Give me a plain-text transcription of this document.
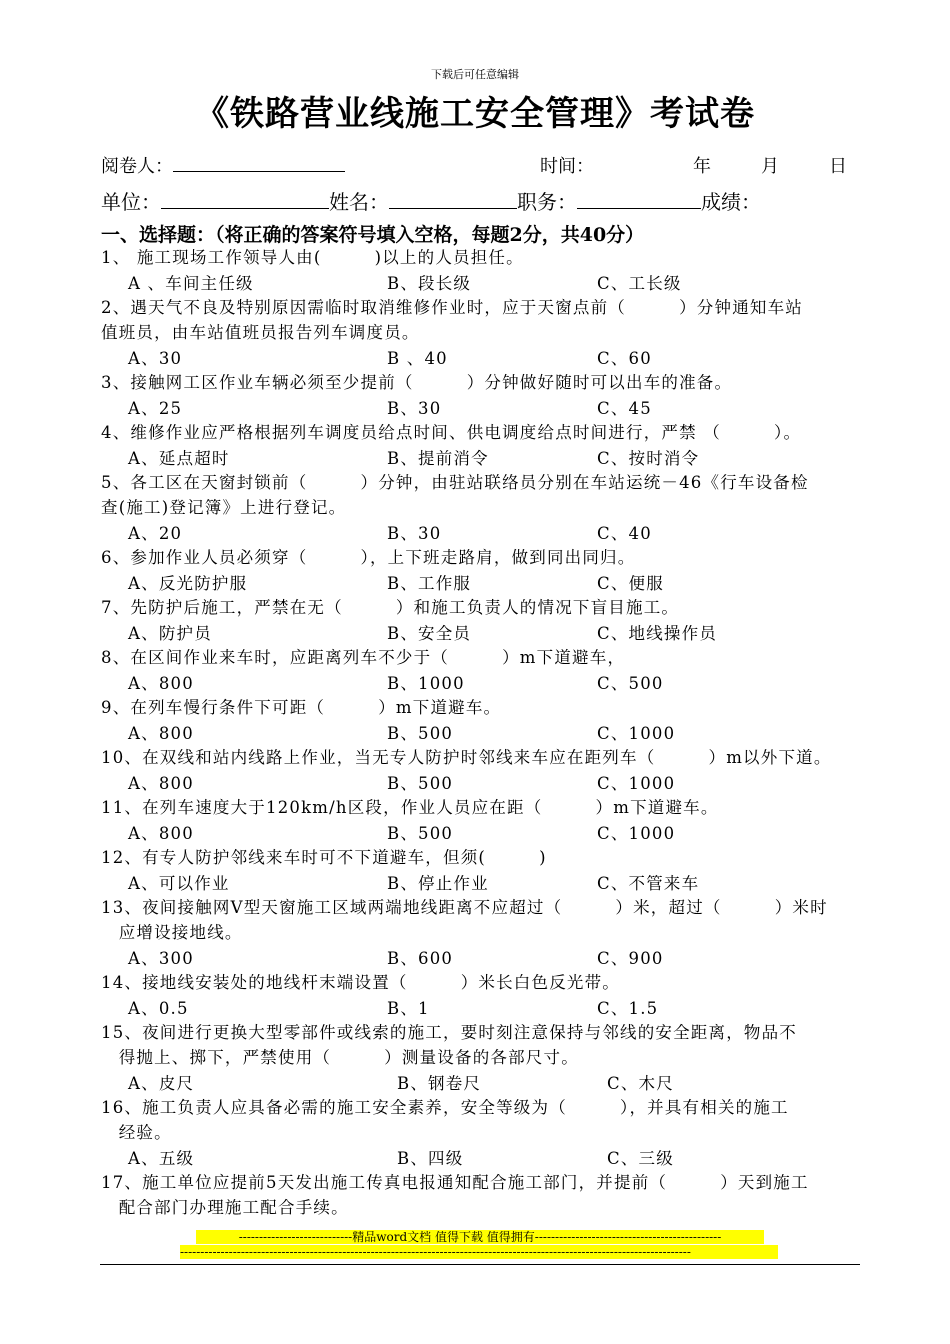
下载后可任意编辑
《铁路营业线施工安全管理》考试卷
阅卷人：	时间：	年	月	日
单位：	姓名：	职务：	成绩：
一、选择题：（将正确的答案符号填入空格，每题2分，共40分）
1、 施工现场工作领导人由(　　　)以上的人员担任。
A 、车间主任级	B、段长级	C、工长级
2、遇天气不良及特别原因需临时取消维修作业时，应于天窗点前（　　　）分钟通知车站
值班员，由车站值班员报告列车调度员。
A、30	B 、40	C、60
3、接触网工区作业车辆必须至少提前（　　　）分钟做好随时可以出车的准备。
A、25	B、30	C、45
4、维修作业应严格根据列车调度员给点时间、供电调度给点时间进行，严禁 （　　　）。
A、延点超时	B、提前消令	C、按时消令
5、各工区在天窗封锁前（　　　）分钟，由驻站联络员分别在车站运统－46《行车设备检
查(施工)登记簿》上进行登记。
A、20	B、30	C、40
6、参加作业人员必须穿（　　　），上下班走路肩，做到同出同归。
A、反光防护服	B、工作服	C、便服
7、先防护后施工，严禁在无（　　　）和施工负责人的情况下盲目施工。
A、防护员	B、安全员	C、地线操作员
8、在区间作业来车时，应距离列车不少于（　　　）m下道避车，
A、800	B、1000	C、500
9、在列车慢行条件下可距（　　　）m下道避车。
A、800	B、500	C、1000
10、在双线和站内线路上作业，当无专人防护时邻线来车应在距列车（　　　）m以外下道。
A、800	B、500	C、1000
11、在列车速度大于120km/h区段，作业人员应在距（　　　）m下道避车。
A、800	B、500	C、1000
12、有专人防护邻线来车时可不下道避车，但须(　　　)
A、可以作业	B、停止作业	C、不管来车
13、夜间接触网Ⅴ型天窗施工区域两端地线距离不应超过（　　　）米，超过（　　　）米时
　应增设接地线。
A、300	B、600	C、900
14、接地线安装处的地线杆末端设置（　　　）米长白色反光带。
A、0.5	B、1	C、1.5
15、夜间进行更换大型零部件或线索的施工，要时刻注意保持与邻线的安全距离，物品不
　得抛上、掷下，严禁使用（　　　）测量设备的各部尺寸。
A、皮尺	B、钢卷尺	C、木尺
16、施工负责人应具备必需的施工安全素养，安全等级为（　　　），并具有相关的施工
　经验。
A、五级	B、四级	C、三级
17、施工单位应提前5天发出施工传真电报通知配合施工部门，并提前（　　　）天到施工
　配合部门办理施工配合手续。
----------------------------精品word文档 值得下载 值得拥有----------------------------------------------
------------------------------------------------------------------------------------------------------------------------------
